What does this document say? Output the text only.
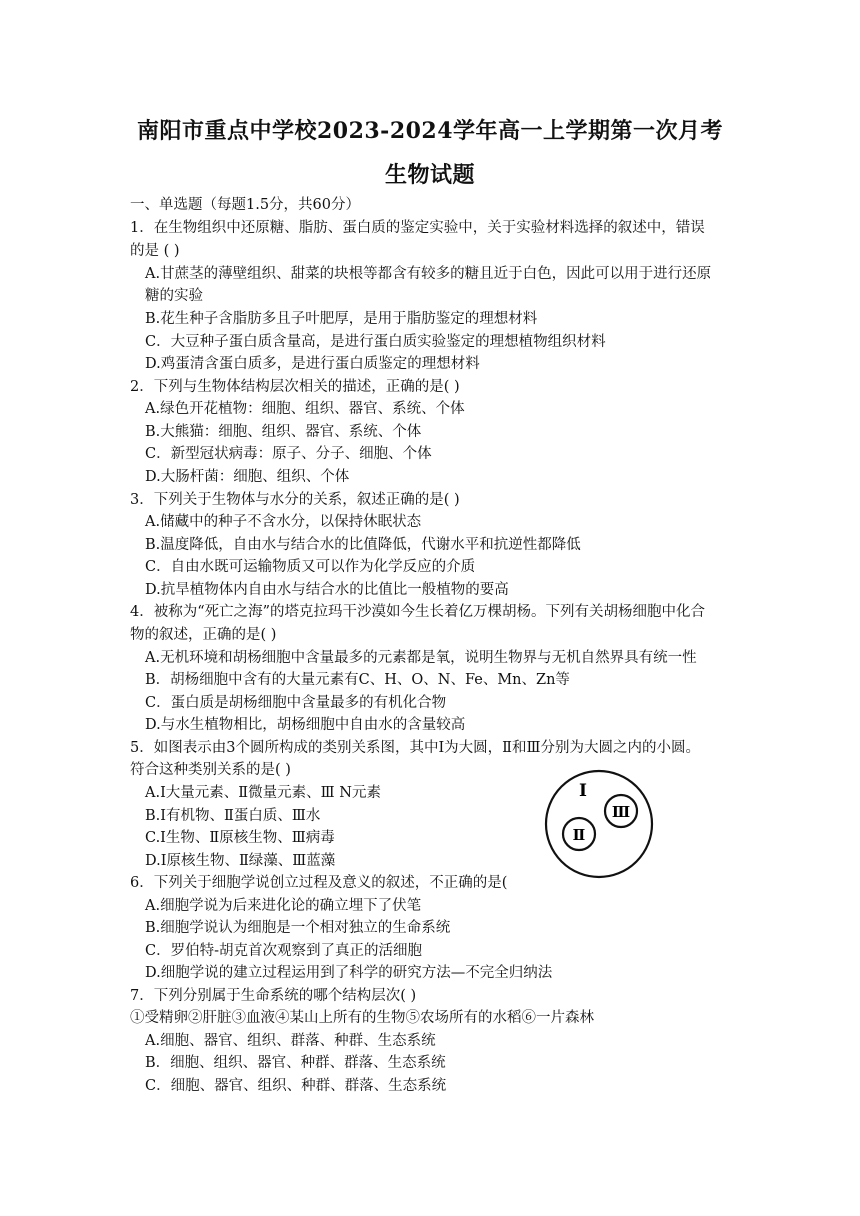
南阳市重点中学校2023-2024学年高一上学期第一次月考
生物试题
一、单选题（每题1.5分，共60分）
1．在生物组织中还原糖、脂肪、蛋白质的鉴定实验中，关于实验材料选择的叙述中，错误
的是 ( )
A.甘蔗茎的薄壁组织、甜菜的块根等都含有较多的糖且近于白色，因此可以用于进行还原
糖的实验
B.花生种子含脂肪多且子叶肥厚，是用于脂肪鉴定的理想材料
C．大豆种子蛋白质含量高，是进行蛋白质实验鉴定的理想植物组织材料
D.鸡蛋清含蛋白质多，是进行蛋白质鉴定的理想材料
2．下列与生物体结构层次相关的描述，正确的是( )
A.绿色开花植物：细胞、组织、器官、系统、个体
B.大熊猫：细胞、组织、器官、系统、个体
C．新型冠状病毒：原子、分子、细胞、个体
D.大肠杆菌：细胞、组织、个体
3．下列关于生物体与水分的关系，叙述正确的是( )
A.储藏中的种子不含水分，以保持休眠状态
B.温度降低，自由水与结合水的比值降低，代谢水平和抗逆性都降低
C．自由水既可运输物质又可以作为化学反应的介质
D.抗旱植物体内自由水与结合水的比值比一般植物的要高
4．被称为“死亡之海”的塔克拉玛干沙漠如今生长着亿万棵胡杨。下列有关胡杨细胞中化合
物的叙述，正确的是( )
A.无机环境和胡杨细胞中含量最多的元素都是氧，说明生物界与无机自然界具有统一性
B．胡杨细胞中含有的大量元素有C、H、O、N、Fe、Mn、Zn等
C．蛋白质是胡杨细胞中含量最多的有机化合物
D.与水生植物相比，胡杨细胞中自由水的含量较高
5．如图表示由3个圆所构成的类别关系图，其中I为大圆，Ⅱ和Ⅲ分别为大圆之内的小圆。
符合这种类别关系的是( )
A.I大量元素、Ⅱ微量元素、Ⅲ N元素
B.I有机物、Ⅱ蛋白质、Ⅲ水
C.I生物、Ⅱ原核生物、Ⅲ病毒
D.I原核生物、Ⅱ绿藻、Ⅲ蓝藻
I
Ⅲ
Ⅱ
6．下列关于细胞学说创立过程及意义的叙述，不正确的是(
A.细胞学说为后来进化论的确立埋下了伏笔
B.细胞学说认为细胞是一个相对独立的生命系统
C．罗伯特-胡克首次观察到了真正的活细胞
D.细胞学说的建立过程运用到了科学的研究方法—不完全归纳法
7．下列分别属于生命系统的哪个结构层次( )
①受精卵②肝脏③血液④某山上所有的生物⑤农场所有的水稻⑥一片森林
A.细胞、器官、组织、群落、种群、生态系统
B．细胞、组织、器官、种群、群落、生态系统
C．细胞、器官、组织、种群、群落、生态系统
